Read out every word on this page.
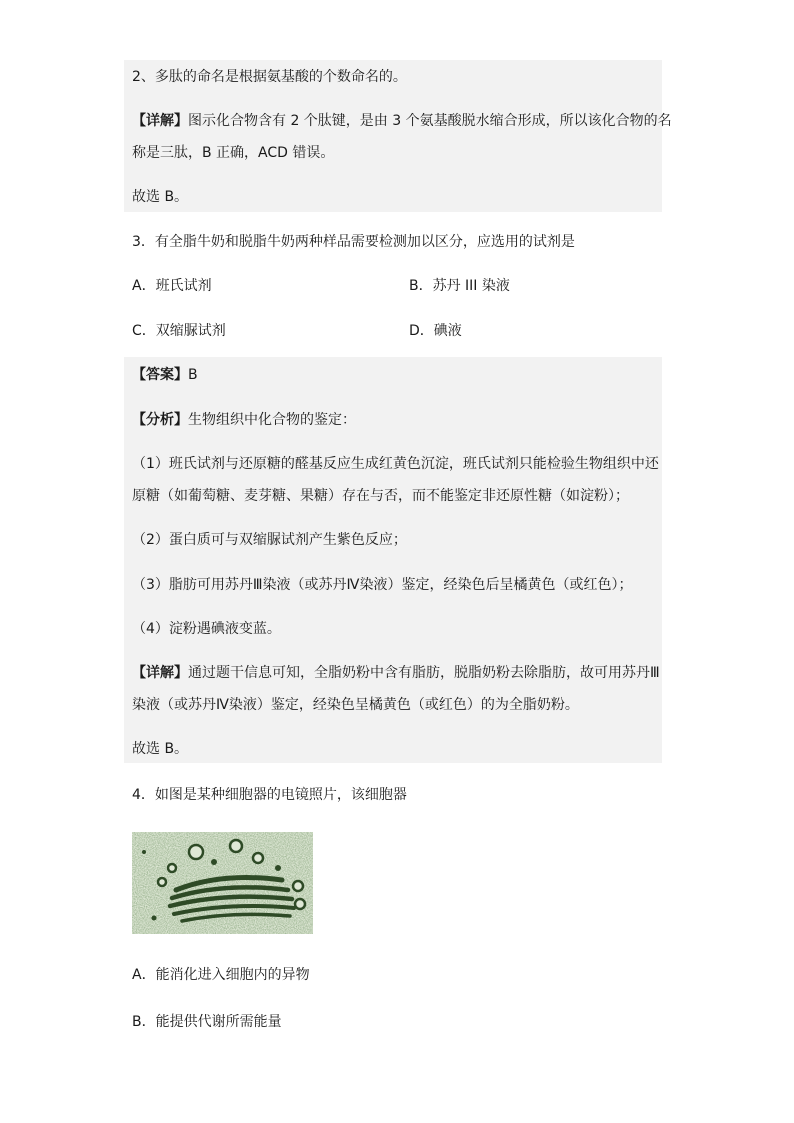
2、多肽的命名是根据氨基酸的个数命名的。
【详解】图示化合物含有 2 个肽键，是由 3 个氨基酸脱水缩合形成，所以该化合物的名
称是三肽，B 正确，ACD 错误。
故选 B。
3．有全脂牛奶和脱脂牛奶两种样品需要检测加以区分，应选用的试剂是
A．班氏试剂	B．苏丹 III 染液
C．双缩脲试剂	D．碘液
【答案】B
【分析】生物组织中化合物的鉴定：
（1）班氏试剂与还原糖的醛基反应生成红黄色沉淀，班氏试剂只能检验生物组织中还
原糖（如葡萄糖、麦芽糖、果糖）存在与否，而不能鉴定非还原性糖（如淀粉）；
（2）蛋白质可与双缩脲试剂产生紫色反应；
（3）脂肪可用苏丹Ⅲ染液（或苏丹Ⅳ染液）鉴定，经染色后呈橘黄色（或红色）；
（4）淀粉遇碘液变蓝。
【详解】通过题干信息可知，全脂奶粉中含有脂肪，脱脂奶粉去除脂肪，故可用苏丹Ⅲ
染液（或苏丹Ⅳ染液）鉴定，经染色呈橘黄色（或红色）的为全脂奶粉。
故选 B。
4．如图是某种细胞器的电镜照片，该细胞器
A．能消化进入细胞内的异物
B．能提供代谢所需能量
